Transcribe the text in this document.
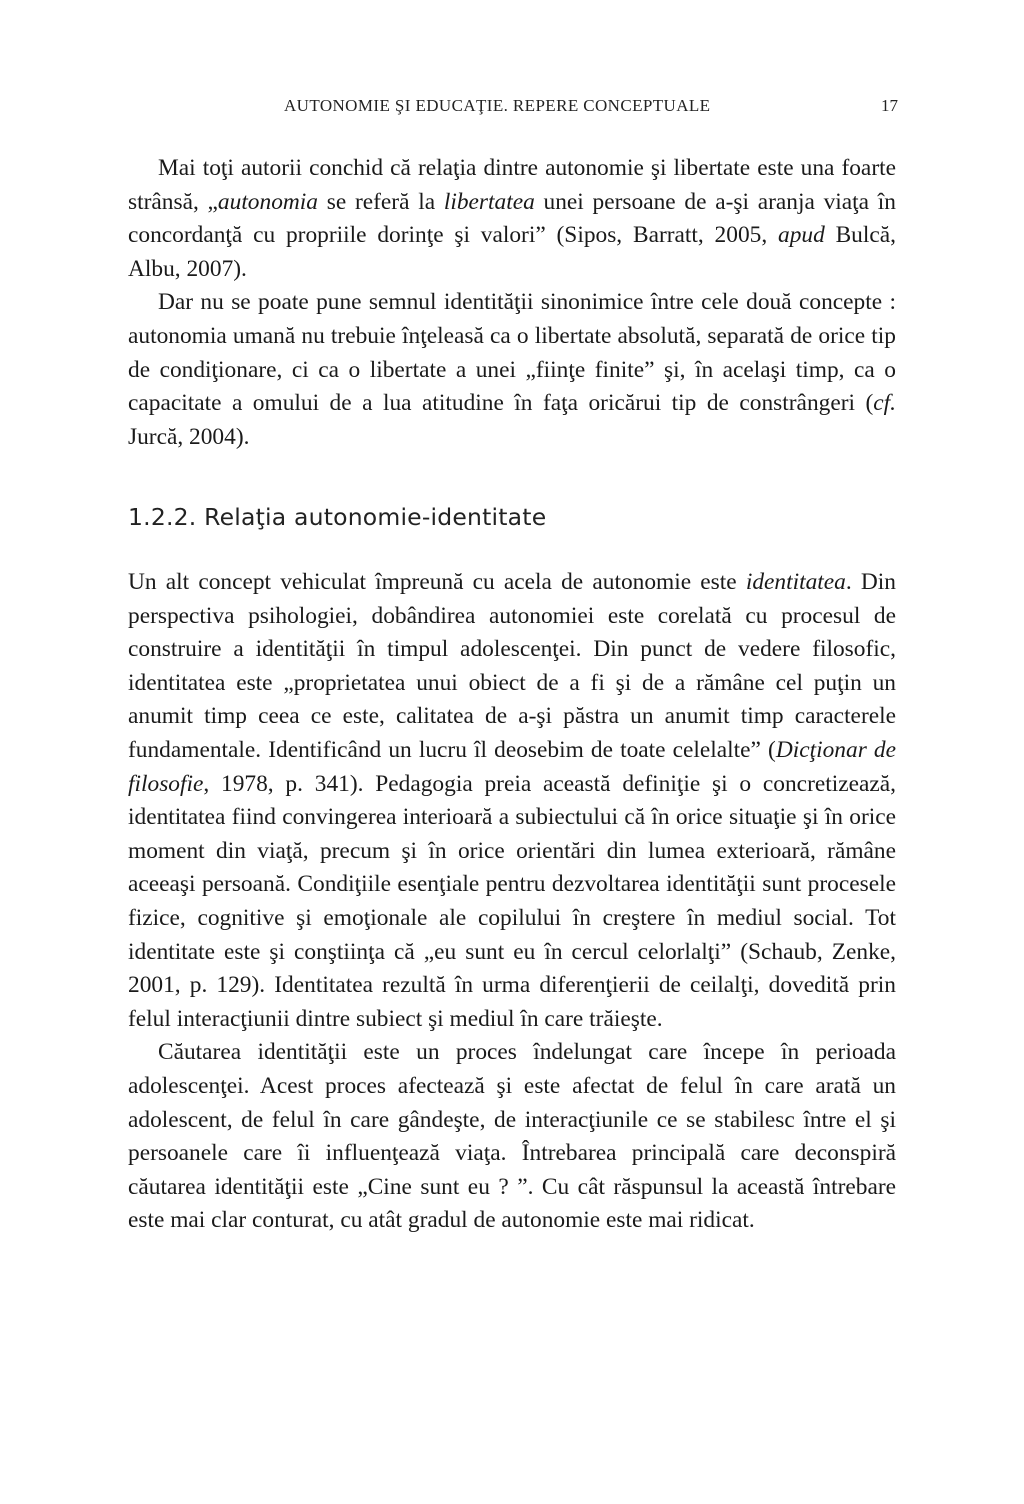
AUTONOMIE ŞI EDUCAŢIE. REPERE CONCEPTUALE	17

Mai toţi autorii conchid că relaţia dintre autonomie şi libertate este una foarte strânsă, „autonomia se referă la libertatea unei persoane de a-şi aranja viaţa în concordanţă cu propriile dorinţe şi valori” (Sipos, Barratt, 2005, apud Bulcă, Albu, 2007).

Dar nu se poate pune semnul identităţii sinonimice între cele două concepte : autonomia umană nu trebuie înţeleasă ca o libertate absolută, separată de orice tip de condiţionare, ci ca o libertate a unei „fiinţe finite” şi, în acelaşi timp, ca o capacitate a omului de a lua atitudine în faţa oricărui tip de constrângeri (cf. Jurcă, 2004).

1.2.2. Relaţia autonomie-identitate

Un alt concept vehiculat împreună cu acela de autonomie este identitatea. Din perspectiva psihologiei, dobândirea autonomiei este corelată cu procesul de construire a identităţii în timpul adolescenţei. Din punct de vedere filosofic, identitatea este „proprietatea unui obiect de a fi şi de a rămâne cel puţin un anumit timp ceea ce este, calitatea de a-şi păstra un anumit timp caracterele fundamentale. Identificând un lucru îl deosebim de toate celelalte” (Dicţionar de filosofie, 1978, p. 341). Pedagogia preia această definiţie şi o concretizează, identitatea fiind convingerea interioară a subiectului că în orice situaţie şi în orice moment din viaţă, precum şi în orice orientări din lumea exterioară, rămâne aceeaşi persoană. Condiţiile esenţiale pentru dezvoltarea identităţii sunt procesele fizice, cognitive şi emoţionale ale copilului în creştere în mediul social. Tot identitate este şi conştiinţa că „eu sunt eu în cercul celorlalţi” (Schaub, Zenke, 2001, p. 129). Identitatea rezultă în urma diferenţierii de ceilalţi, dovedită prin felul interacţiunii dintre subiect şi mediul în care trăieşte.

Căutarea identităţii este un proces îndelungat care începe în perioada adolescenţei. Acest proces afectează şi este afectat de felul în care arată un adolescent, de felul în care gândeşte, de interacţiunile ce se stabilesc între el şi persoanele care îi influenţează viaţa. Întrebarea principală care deconspiră căutarea identităţii este „Cine sunt eu ? ”. Cu cât răspunsul la această întrebare este mai clar conturat, cu atât gradul de autonomie este mai ridicat.
